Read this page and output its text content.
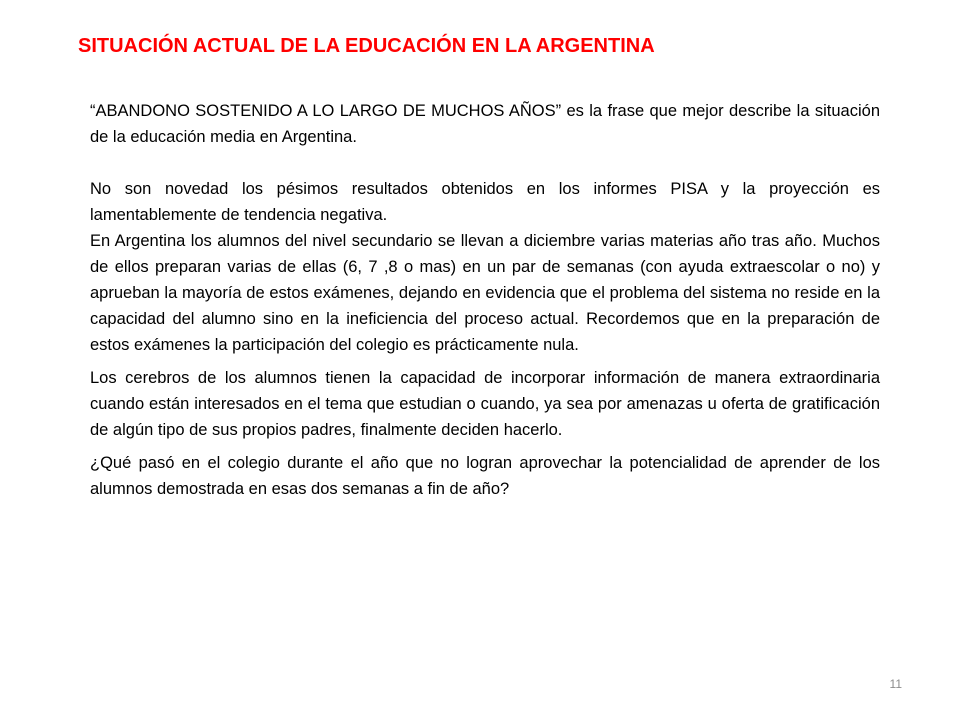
SITUACIÓN ACTUAL DE LA EDUCACIÓN EN LA ARGENTINA

“ABANDONO SOSTENIDO A LO LARGO DE MUCHOS AÑOS” es la frase que mejor describe la situación de la educación media en Argentina.

No son novedad los pésimos resultados obtenidos en los informes PISA y la proyección es lamentablemente de tendencia negativa.

En Argentina los alumnos del nivel secundario se llevan a diciembre varias materias año tras año. Muchos de ellos preparan varias de ellas (6, 7 ,8 o mas) en un par de semanas (con ayuda extraescolar o no) y aprueban la mayoría de estos exámenes, dejando en evidencia que el problema del sistema no reside en la capacidad del alumno sino en la ineficiencia del proceso actual. Recordemos que en la preparación de estos exámenes la participación del colegio es prácticamente nula.

Los cerebros de los alumnos tienen la capacidad de incorporar información de manera extraordinaria cuando están interesados en el tema que estudian o cuando, ya sea por amenazas u oferta de gratificación de algún tipo de sus propios padres, finalmente deciden hacerlo.

¿Qué pasó en el colegio durante el año que no logran aprovechar la potencialidad de aprender de los alumnos demostrada en esas dos semanas a fin de año?

11
